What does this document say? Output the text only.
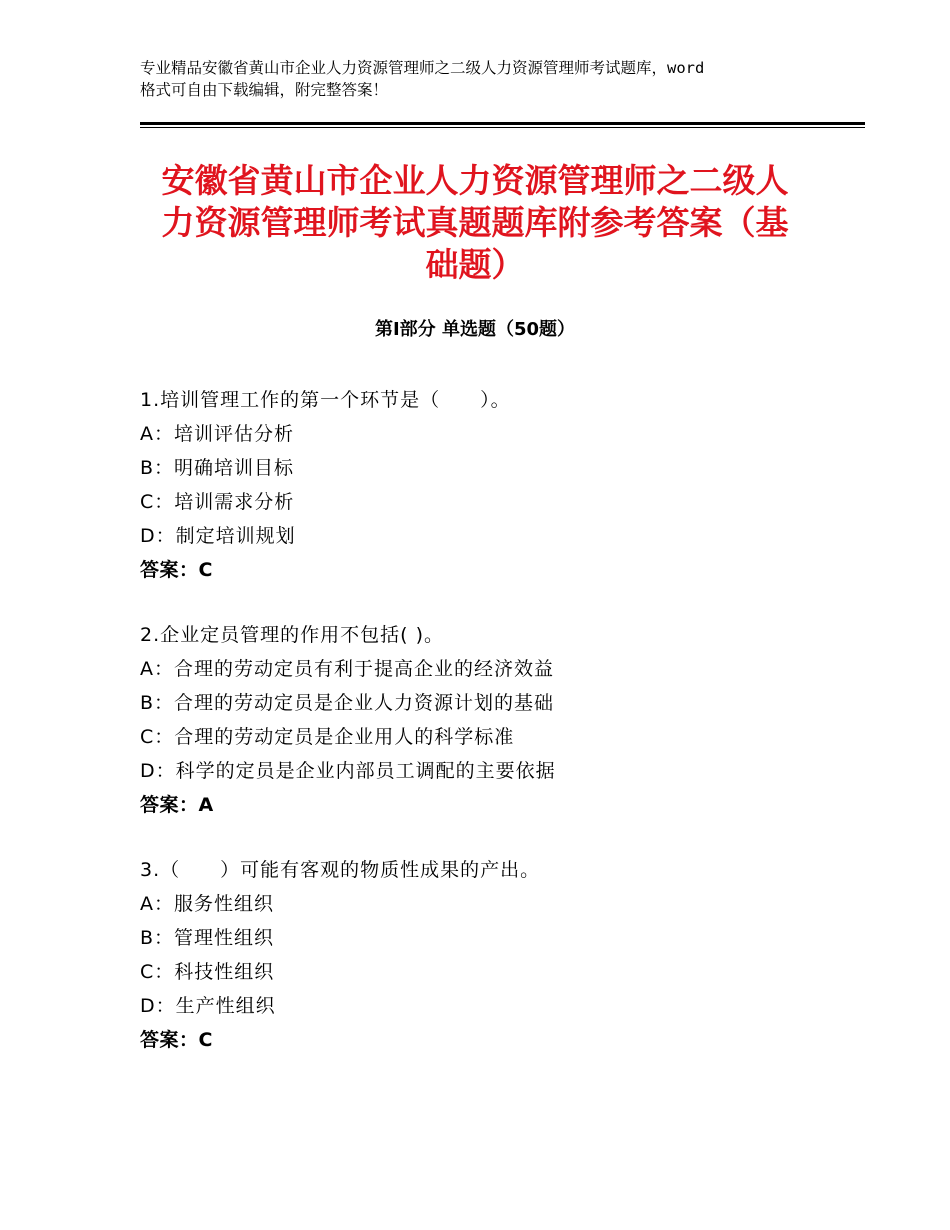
专业精品安徽省黄山市企业人力资源管理师之二级人力资源管理师考试题库，word
格式可自由下载编辑，附完整答案！
安徽省黄山市企业人力资源管理师之二级人
力资源管理师考试真题题库附参考答案（基
础题）
第Ⅰ部分 单选题（50题）
1.培训管理工作的第一个环节是（　　）。
A：培训评估分析
B：明确培训目标
C：培训需求分析
D：制定培训规划
答案：C
2.企业定员管理的作用不包括( )。
A：合理的劳动定员有利于提高企业的经济效益
B：合理的劳动定员是企业人力资源计划的基础
C：合理的劳动定员是企业用人的科学标准
D：科学的定员是企业内部员工调配的主要依据
答案：A
3.（　　）可能有客观的物质性成果的产出。
A：服务性组织
B：管理性组织
C：科技性组织
D：生产性组织
答案：C
